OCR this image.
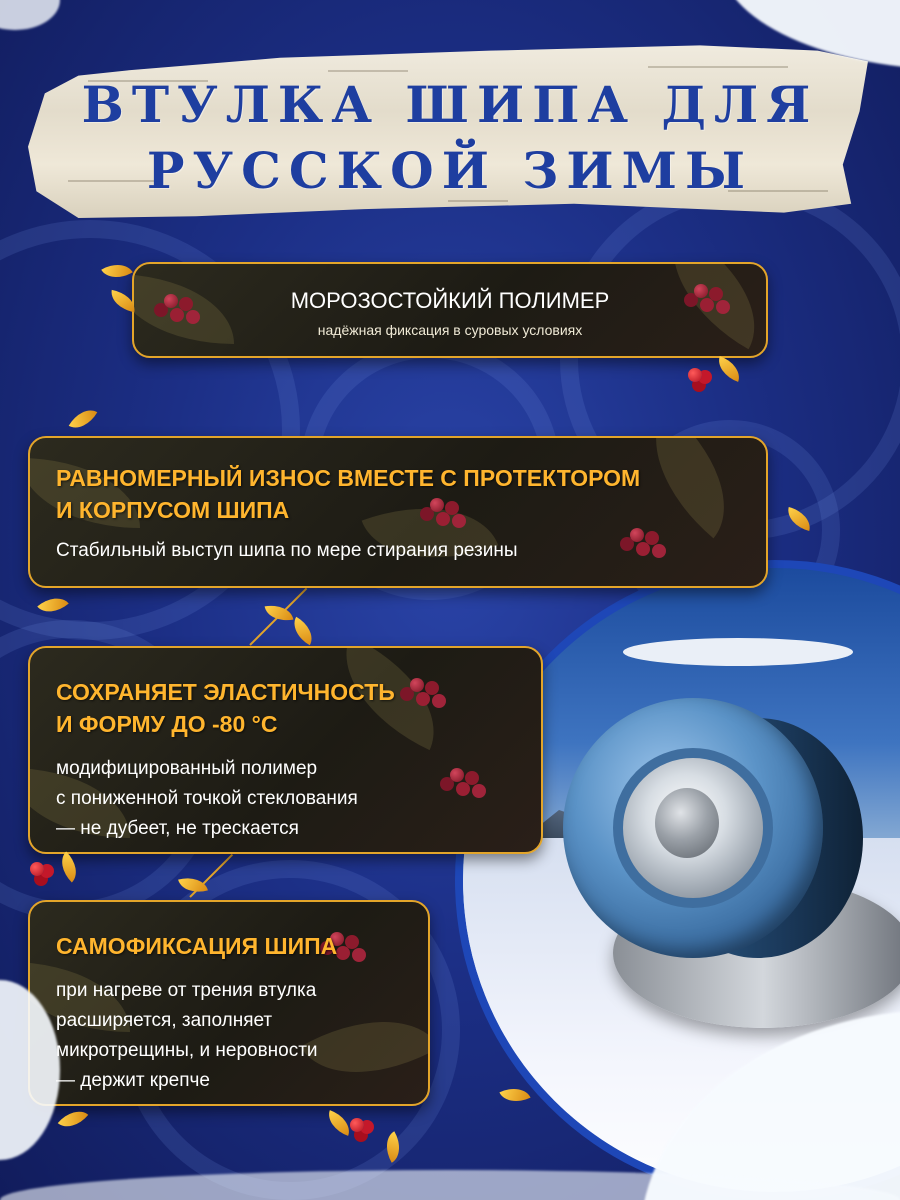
ВТУЛКА ШИПА ДЛЯ
РУССКОЙ ЗИМЫ
МОРОЗОСТОЙКИЙ ПОЛИМЕР
надёжная фиксация в суровых условиях
РАВНОМЕРНЫЙ ИЗНОС ВМЕСТЕ С ПРОТЕКТОРОМ
И КОРПУСОМ ШИПА
Стабильный выступ шипа по мере стирания резины
СОХРАНЯЕТ ЭЛАСТИЧНОСТЬ
И ФОРМУ ДО -80 °C
модифицированный полимер
с пониженной точкой стеклования
— не дубеет, не трескается
САМОФИКСАЦИЯ ШИПА
при нагреве от трения втулка
расширяется, заполняет
микротрещины, и неровности
— держит крепче
